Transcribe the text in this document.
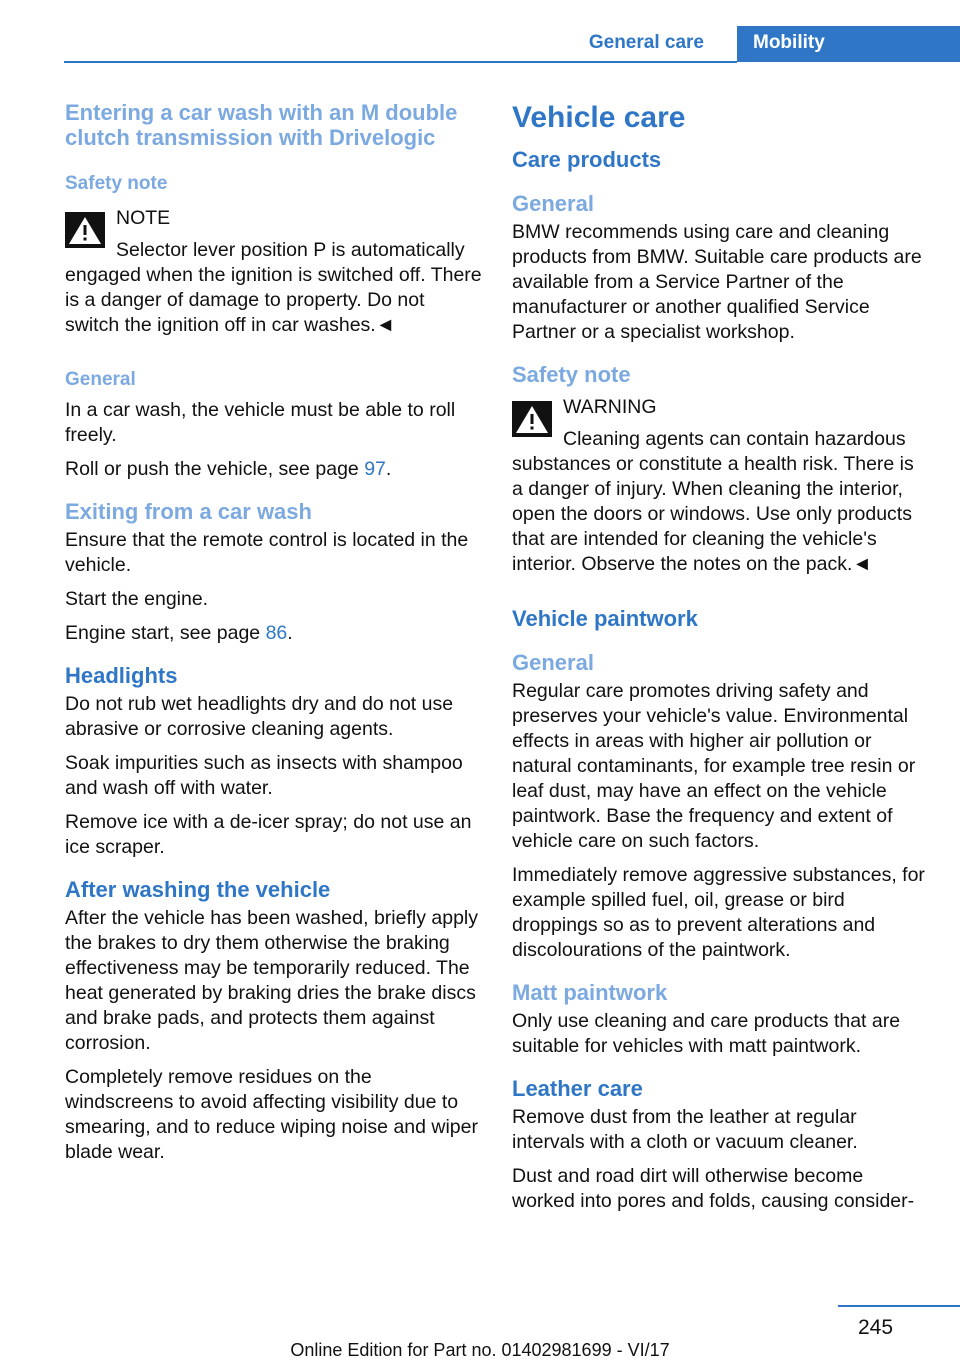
General care	Mobility
Entering a car wash with an M double clutch transmission with Drivelogic
Safety note
NOTE

Selector lever position P is automatically engaged when the ignition is switched off. There is a danger of damage to property. Do not switch the ignition off in car washes.◄

General

In a car wash, the vehicle must be able to roll freely.

Roll or push the vehicle, see page 97.

Exiting from a car wash

Ensure that the remote control is located in the vehicle.

Start the engine.

Engine start, see page 86.

Headlights

Do not rub wet headlights dry and do not use abrasive or corrosive cleaning agents.

Soak impurities such as insects with shampoo and wash off with water.

Remove ice with a de-icer spray; do not use an ice scraper.

After washing the vehicle

After the vehicle has been washed, briefly apply the brakes to dry them otherwise the braking effectiveness may be temporarily reduced. The heat generated by braking dries the brake discs and brake pads, and protects them against corrosion.

Completely remove residues on the windscreens to avoid affecting visibility due to smearing, and to reduce wiping noise and wiper blade wear.

Vehicle care
Care products
General

BMW recommends using care and cleaning products from BMW. Suitable care products are available from a Service Partner of the manufacturer or another qualified Service Partner or a specialist workshop.

Safety note
WARNING

Cleaning agents can contain hazardous substances or constitute a health risk. There is a danger of injury. When cleaning the interior, open the doors or windows. Use only products that are intended for cleaning the vehicle's interior. Observe the notes on the pack.◄

Vehicle paintwork
General

Regular care promotes driving safety and preserves your vehicle's value. Environmental effects in areas with higher air pollution or natural contaminants, for example tree resin or leaf dust, may have an effect on the vehicle paintwork. Base the frequency and extent of vehicle care on such factors.

Immediately remove aggressive substances, for example spilled fuel, oil, grease or bird droppings so as to prevent alterations and discolourations of the paintwork.

Matt paintwork

Only use cleaning and care products that are suitable for vehicles with matt paintwork.

Leather care

Remove dust from the leather at regular intervals with a cloth or vacuum cleaner.

Dust and road dirt will otherwise become worked into pores and folds, causing consider-

245
Online Edition for Part no. 01402981699 - VI/17
